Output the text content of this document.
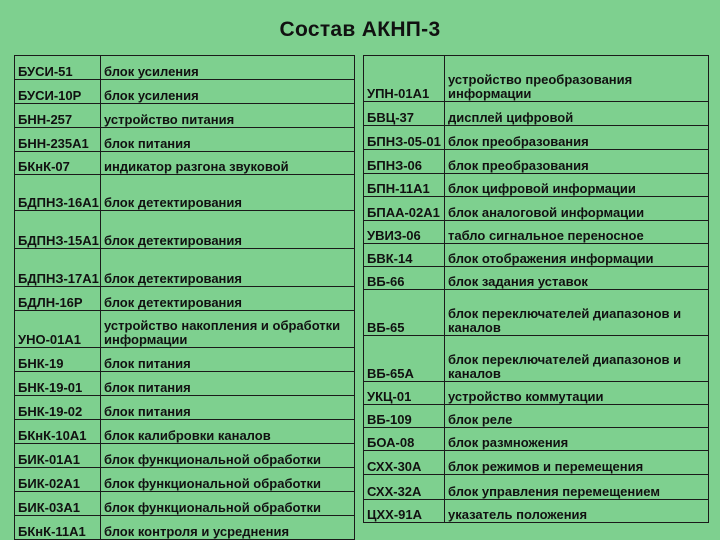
Состав АКНП-3
БУСИ-51	блок усиления
БУСИ-10Р	блок усиления
БНН-257	устройство питания
БНН-235А1	блок питания
БКнК-07	индикатор разгона звуковой
БДПНЗ-16А1	блок детектирования
БДПНЗ-15А1	блок детектирования
БДПНЗ-17А1	блок детектирования
БДЛН-16Р	блок детектирования
УНО-01А1	устройство накопления и обработки информации
БНК-19	блок питания
БНК-19-01	блок питания
БНК-19-02	блок питания
БКнК-10А1	блок калибровки каналов
БИК-01А1	блок функциональной обработки
БИК-02А1	блок функциональной обработки
БИК-03А1	блок функциональной обработки
БКнК-11А1	блок контроля и усреднения
УПН-01А1	устройство преобразования информации
БВЦ-37	дисплей цифровой
БПНЗ-05-01	блок преобразования
БПНЗ-06	блок преобразования
БПН-11А1	блок цифровой информации
БПАА-02А1	блок аналоговой информации
УВИЗ-06	табло сигнальное переносное
БВК-14	блок отображения информации
ВБ-66	блок задания уставок
ВБ-65	блок переключателей диапазонов и каналов
ВБ-65А	блок переключателей диапазонов и каналов
УКЦ-01	устройство коммутации
ВБ-109	блок реле
БОА-08	блок размножения
СХХ-30А	блок режимов и перемещения
СХХ-32А	блок управления перемещением
ЦХХ-91А	указатель положения
